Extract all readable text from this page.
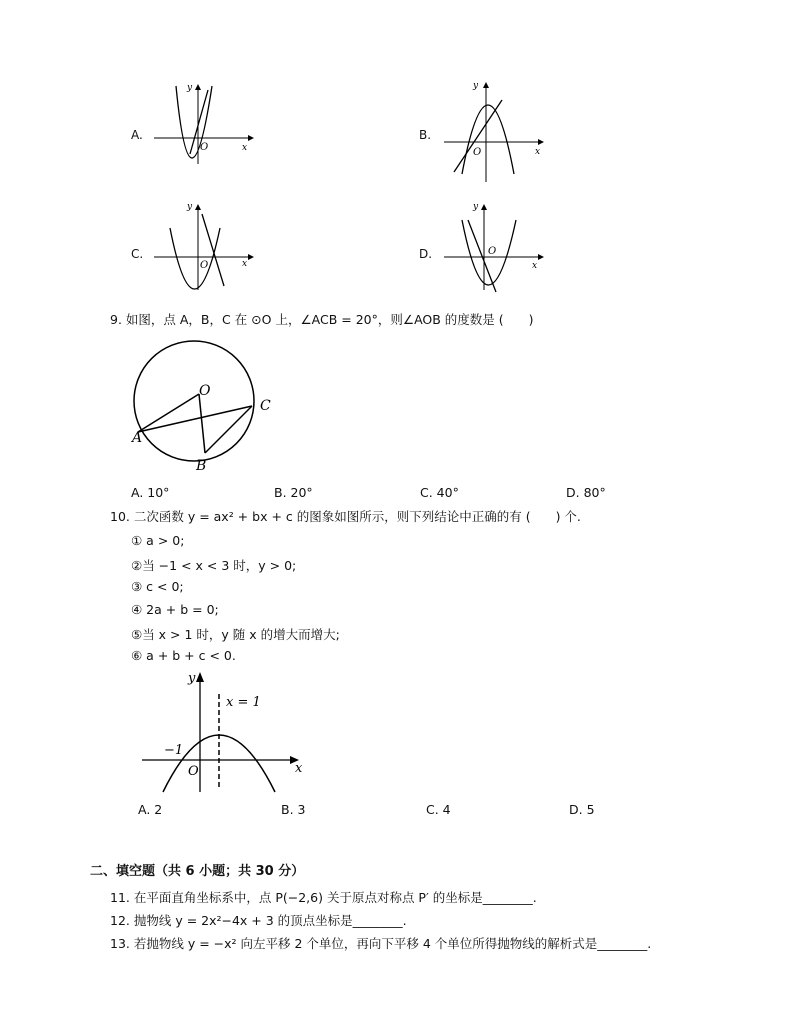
A.
y
x
O
B.
y
x
O
C.
y
x
O
D.
y
x
O
9. 如图，点 A，B，C 在 ⊙O 上，∠ACB = 20°，则∠AOB 的度数是 (　　)
O
A
B
C
A. 10°	B. 20°	C. 40°	D. 80°
10. 二次函数 y = ax² + bx + c 的图象如图所示，则下列结论中正确的有 (　　) 个.
① a > 0;
②当 −1 < x < 3 时，y > 0;
③ c < 0;
④ 2a + b = 0;
⑤当 x > 1 时，y 随 x 的增大而增大;
⑥ a + b + c < 0.
y
x
O
−1
x = 1
A. 2	B. 3	C. 4	D. 5
二、填空题（共 6 小题；共 30 分）
11. 在平面直角坐标系中，点 P(−2,6) 关于原点对称点 P′ 的坐标是________.
12. 抛物线 y = 2x²−4x + 3 的顶点坐标是________.
13. 若抛物线 y = −x² 向左平移 2 个单位，再向下平移 4 个单位所得抛物线的解析式是________.
